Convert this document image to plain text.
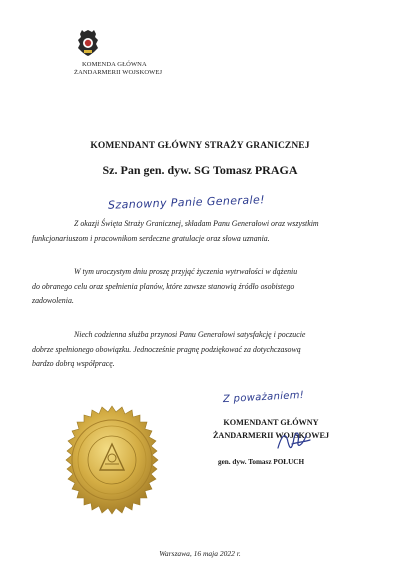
KOMENDA GŁÓWNA
ŻANDARMERII WOJSKOWEJ
KOMENDANT GŁÓWNY STRAŻY GRANICZNEJ
Sz. Pan gen. dyw. SG Tomasz PRAGA
Szanowny Panie Generale!
Z okazji Święta Straży Granicznej, składam Panu Generałowi oraz wszystkim
funkcjonariuszom i pracownikom serdeczne gratulacje oraz słowa uznania.
W tym uroczystym dniu proszę przyjąć życzenia wytrwałości w dążeniu
do obranego celu oraz spełnienia planów, które zawsze stanowią źródło osobistego
zadowolenia.
Niech codzienna służba przynosi Panu Generałowi satysfakcję i poczucie
dobrze spełnionego obowiązku. Jednocześnie pragnę podziękować za dotychczasową
bardzo dobrą współpracę.
Z poważaniem!
KOMENDANT GŁÓWNY
ŻANDARMERII WOJSKOWEJ
gen. dyw. Tomasz POŁUCH
Warszawa, 16 maja 2022 r.
